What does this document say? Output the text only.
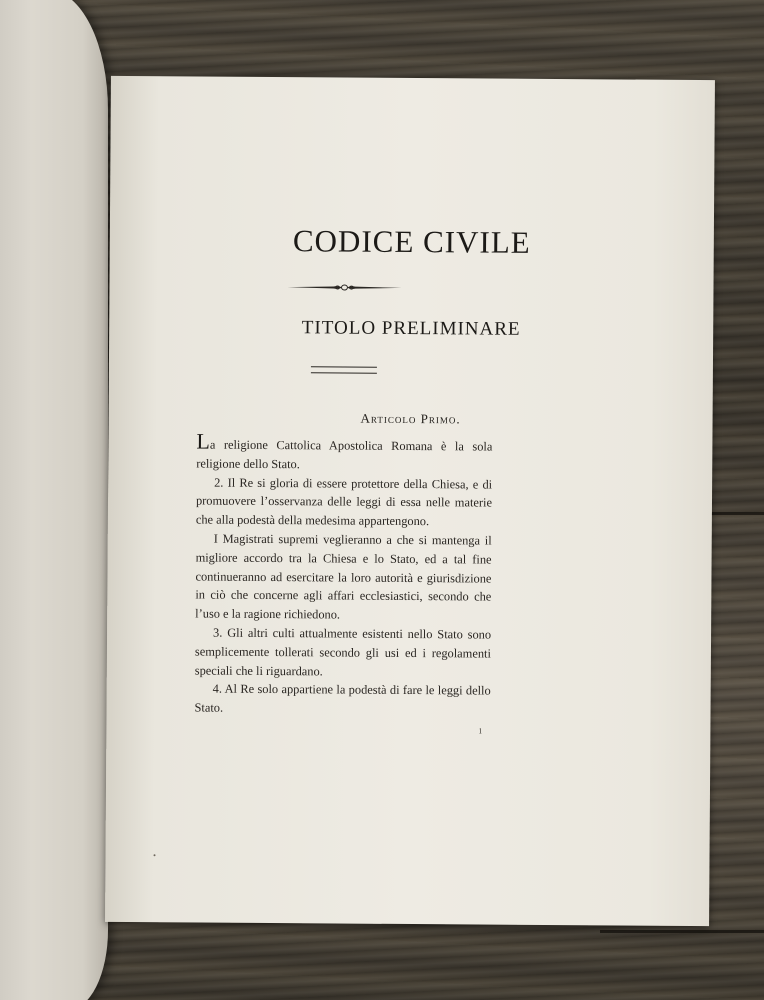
CODICE CIVILE
TITOLO PRELIMINARE
Articolo Primo.

La religione Cattolica Apostolica Romana è la sola religione dello Stato.

2. Il Re si gloria di essere protettore della Chiesa, e di promuovere l’osservanza delle leggi di essa nelle materie che alla podestà della medesima appartengono.

I Magistrati supremi veglieranno a che si mantenga il migliore accordo tra la Chiesa e lo Stato, ed a tal fine continueranno ad esercitare la loro autorità e giurisdizione in ciò che concerne agli affari ecclesiastici, secondo che l’uso e la ragione richiedono.

3. Gli altri culti attualmente esistenti nello Stato sono semplicemente tollerati secondo gli usi ed i regolamenti speciali che li riguardano.

4. Al Re solo appartiene la podestà di fare le leggi dello Stato.

1
